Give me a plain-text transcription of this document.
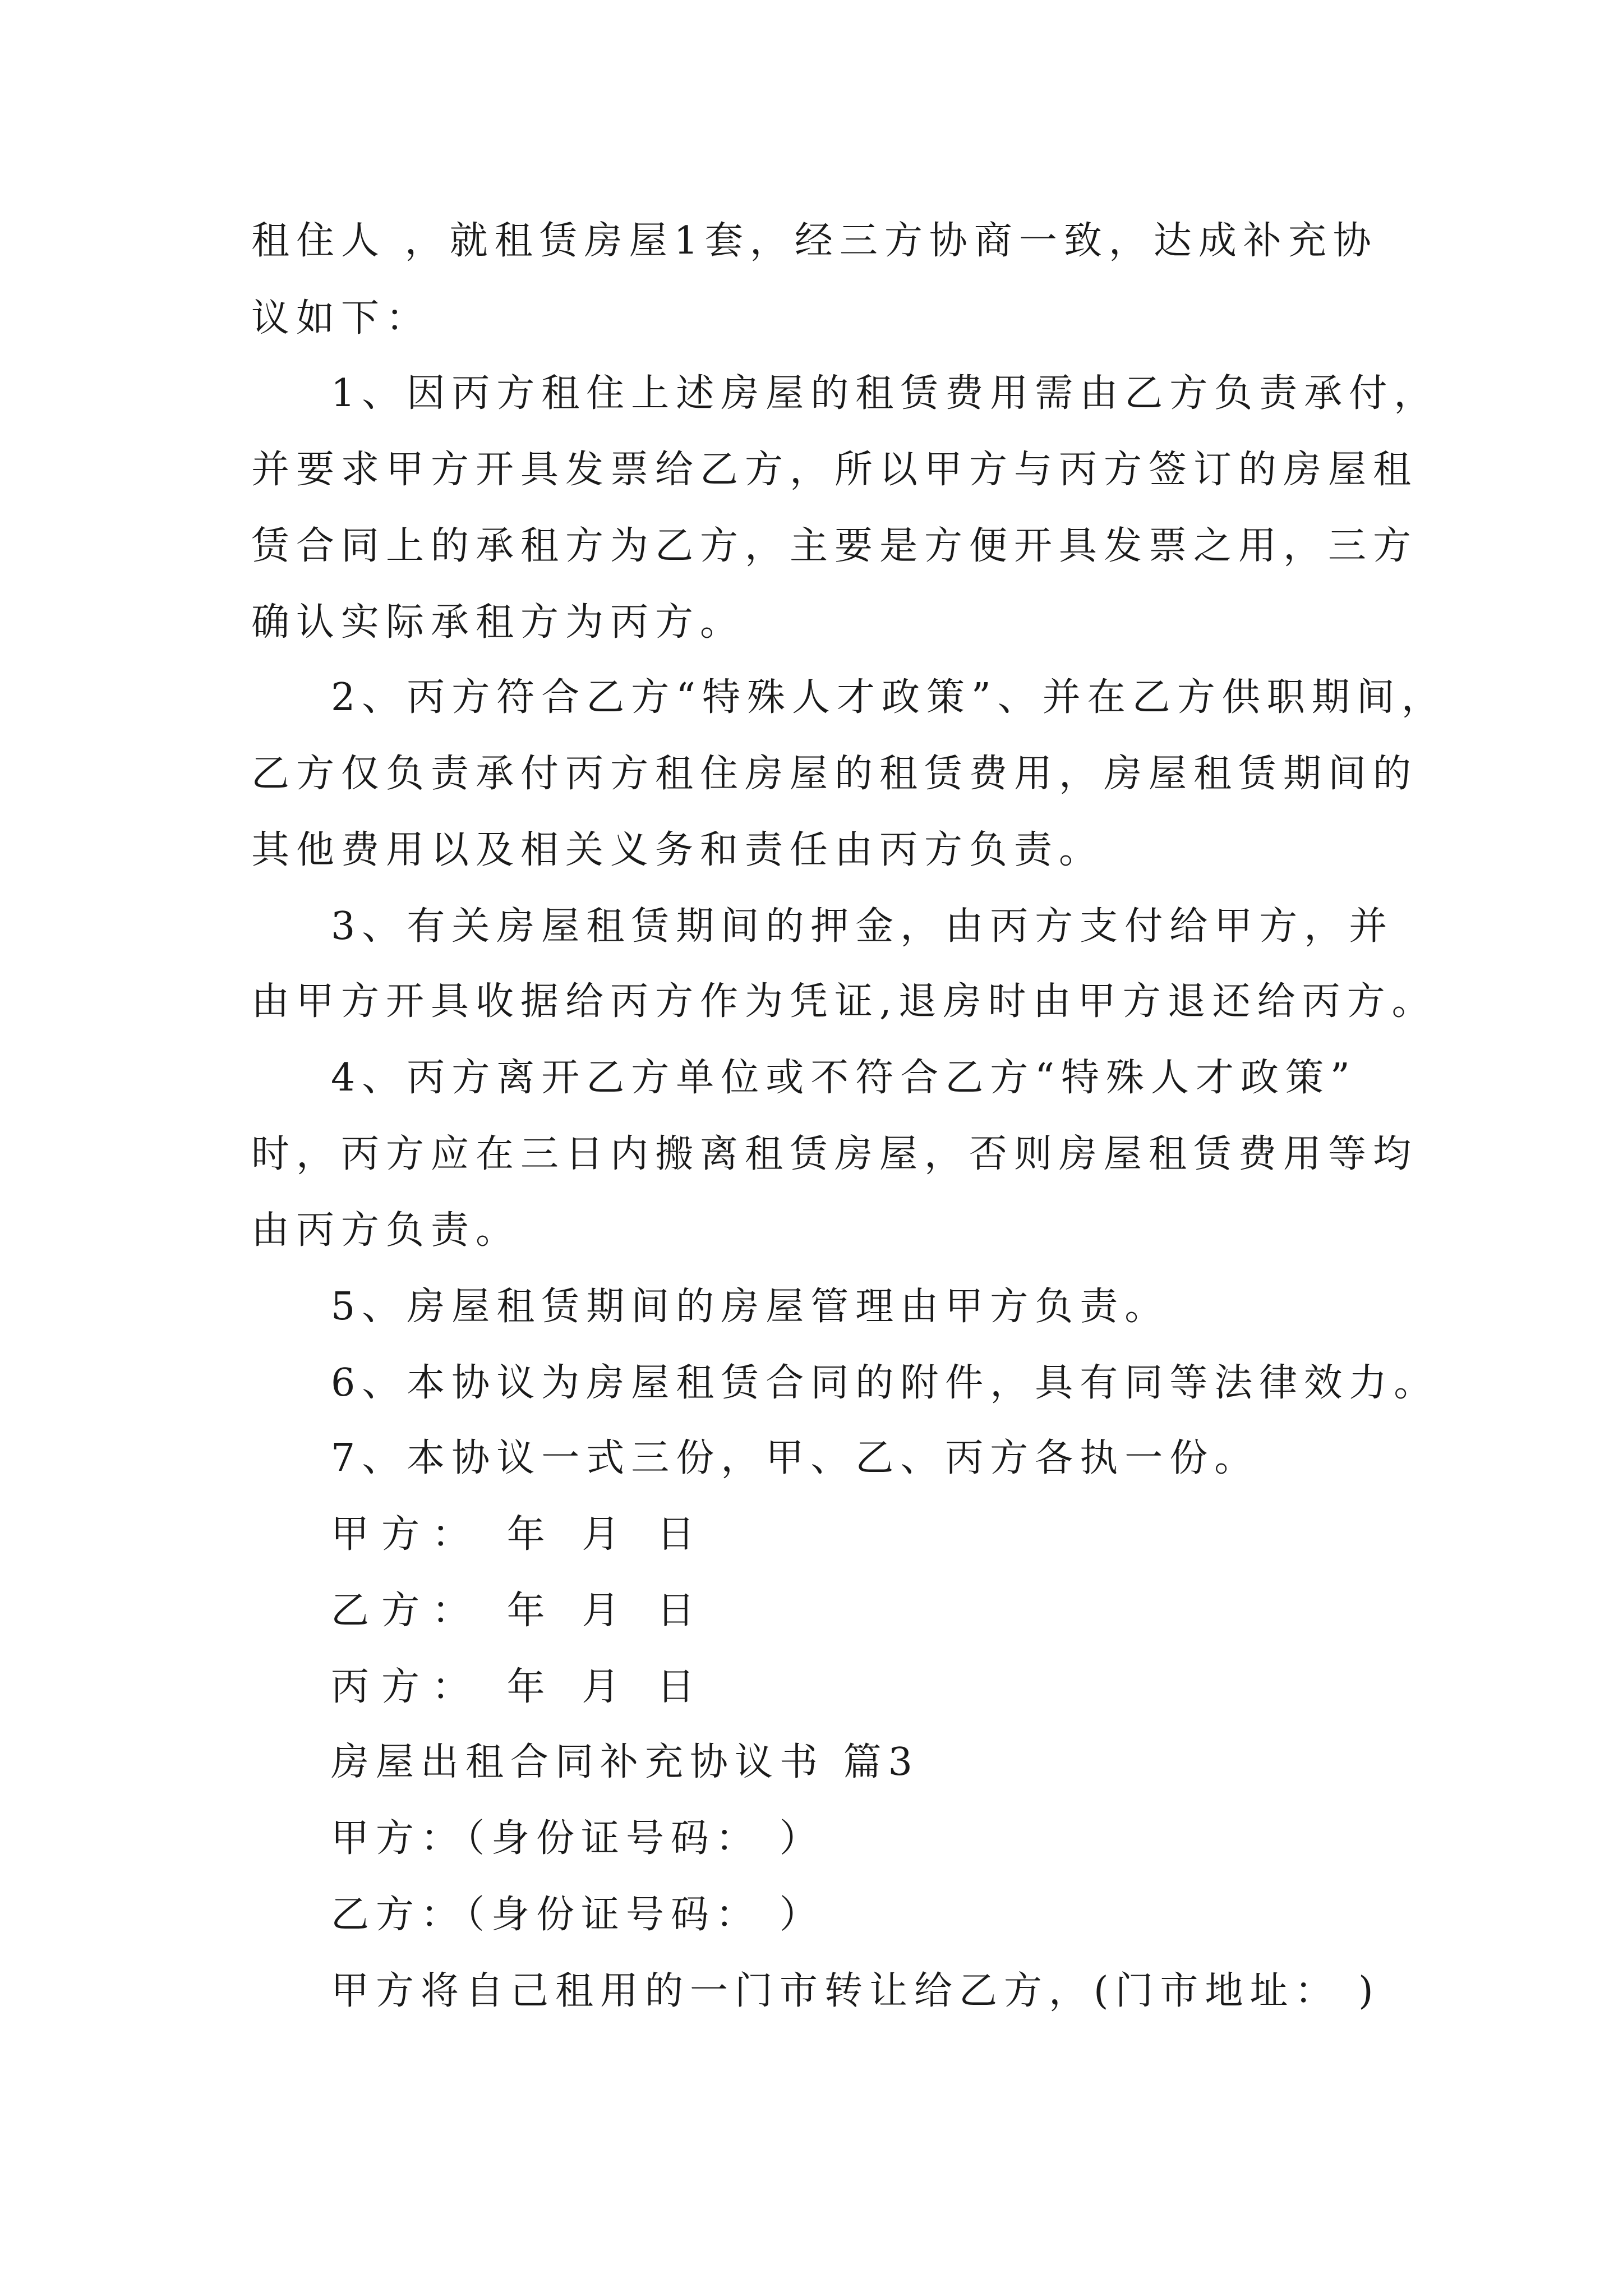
租住人 ，就租赁房屋1套，经三方协商一致，达成补充协
议如下：
1、因丙方租住上述房屋的租赁费用需由乙方负责承付，
并要求甲方开具发票给乙方，所以甲方与丙方签订的房屋租
赁合同上的承租方为乙方，主要是方便开具发票之用，三方
确认实际承租方为丙方。
2、丙方符合乙方“特殊人才政策”、并在乙方供职期间，
乙方仅负责承付丙方租住房屋的租赁费用，房屋租赁期间的
其他费用以及相关义务和责任由丙方负责。
3、有关房屋租赁期间的押金，由丙方支付给甲方，并
由甲方开具收据给丙方作为凭证,退房时由甲方退还给丙方。
4、丙方离开乙方单位或不符合乙方“特殊人才政策”
时，丙方应在三日内搬离租赁房屋，否则房屋租赁费用等均
由丙方负责。
5、房屋租赁期间的房屋管理由甲方负责。
6、本协议为房屋租赁合同的附件，具有同等法律效力。
7、本协议一式三份，甲、乙、丙方各执一份。
甲方： 年 月 日
乙方： 年 月 日
丙方： 年 月 日
房屋出租合同补充协议书 篇3
甲方：（身份证号码： ）
乙方：（身份证号码： ）
甲方将自己租用的一门市转让给乙方，(门市地址： )
